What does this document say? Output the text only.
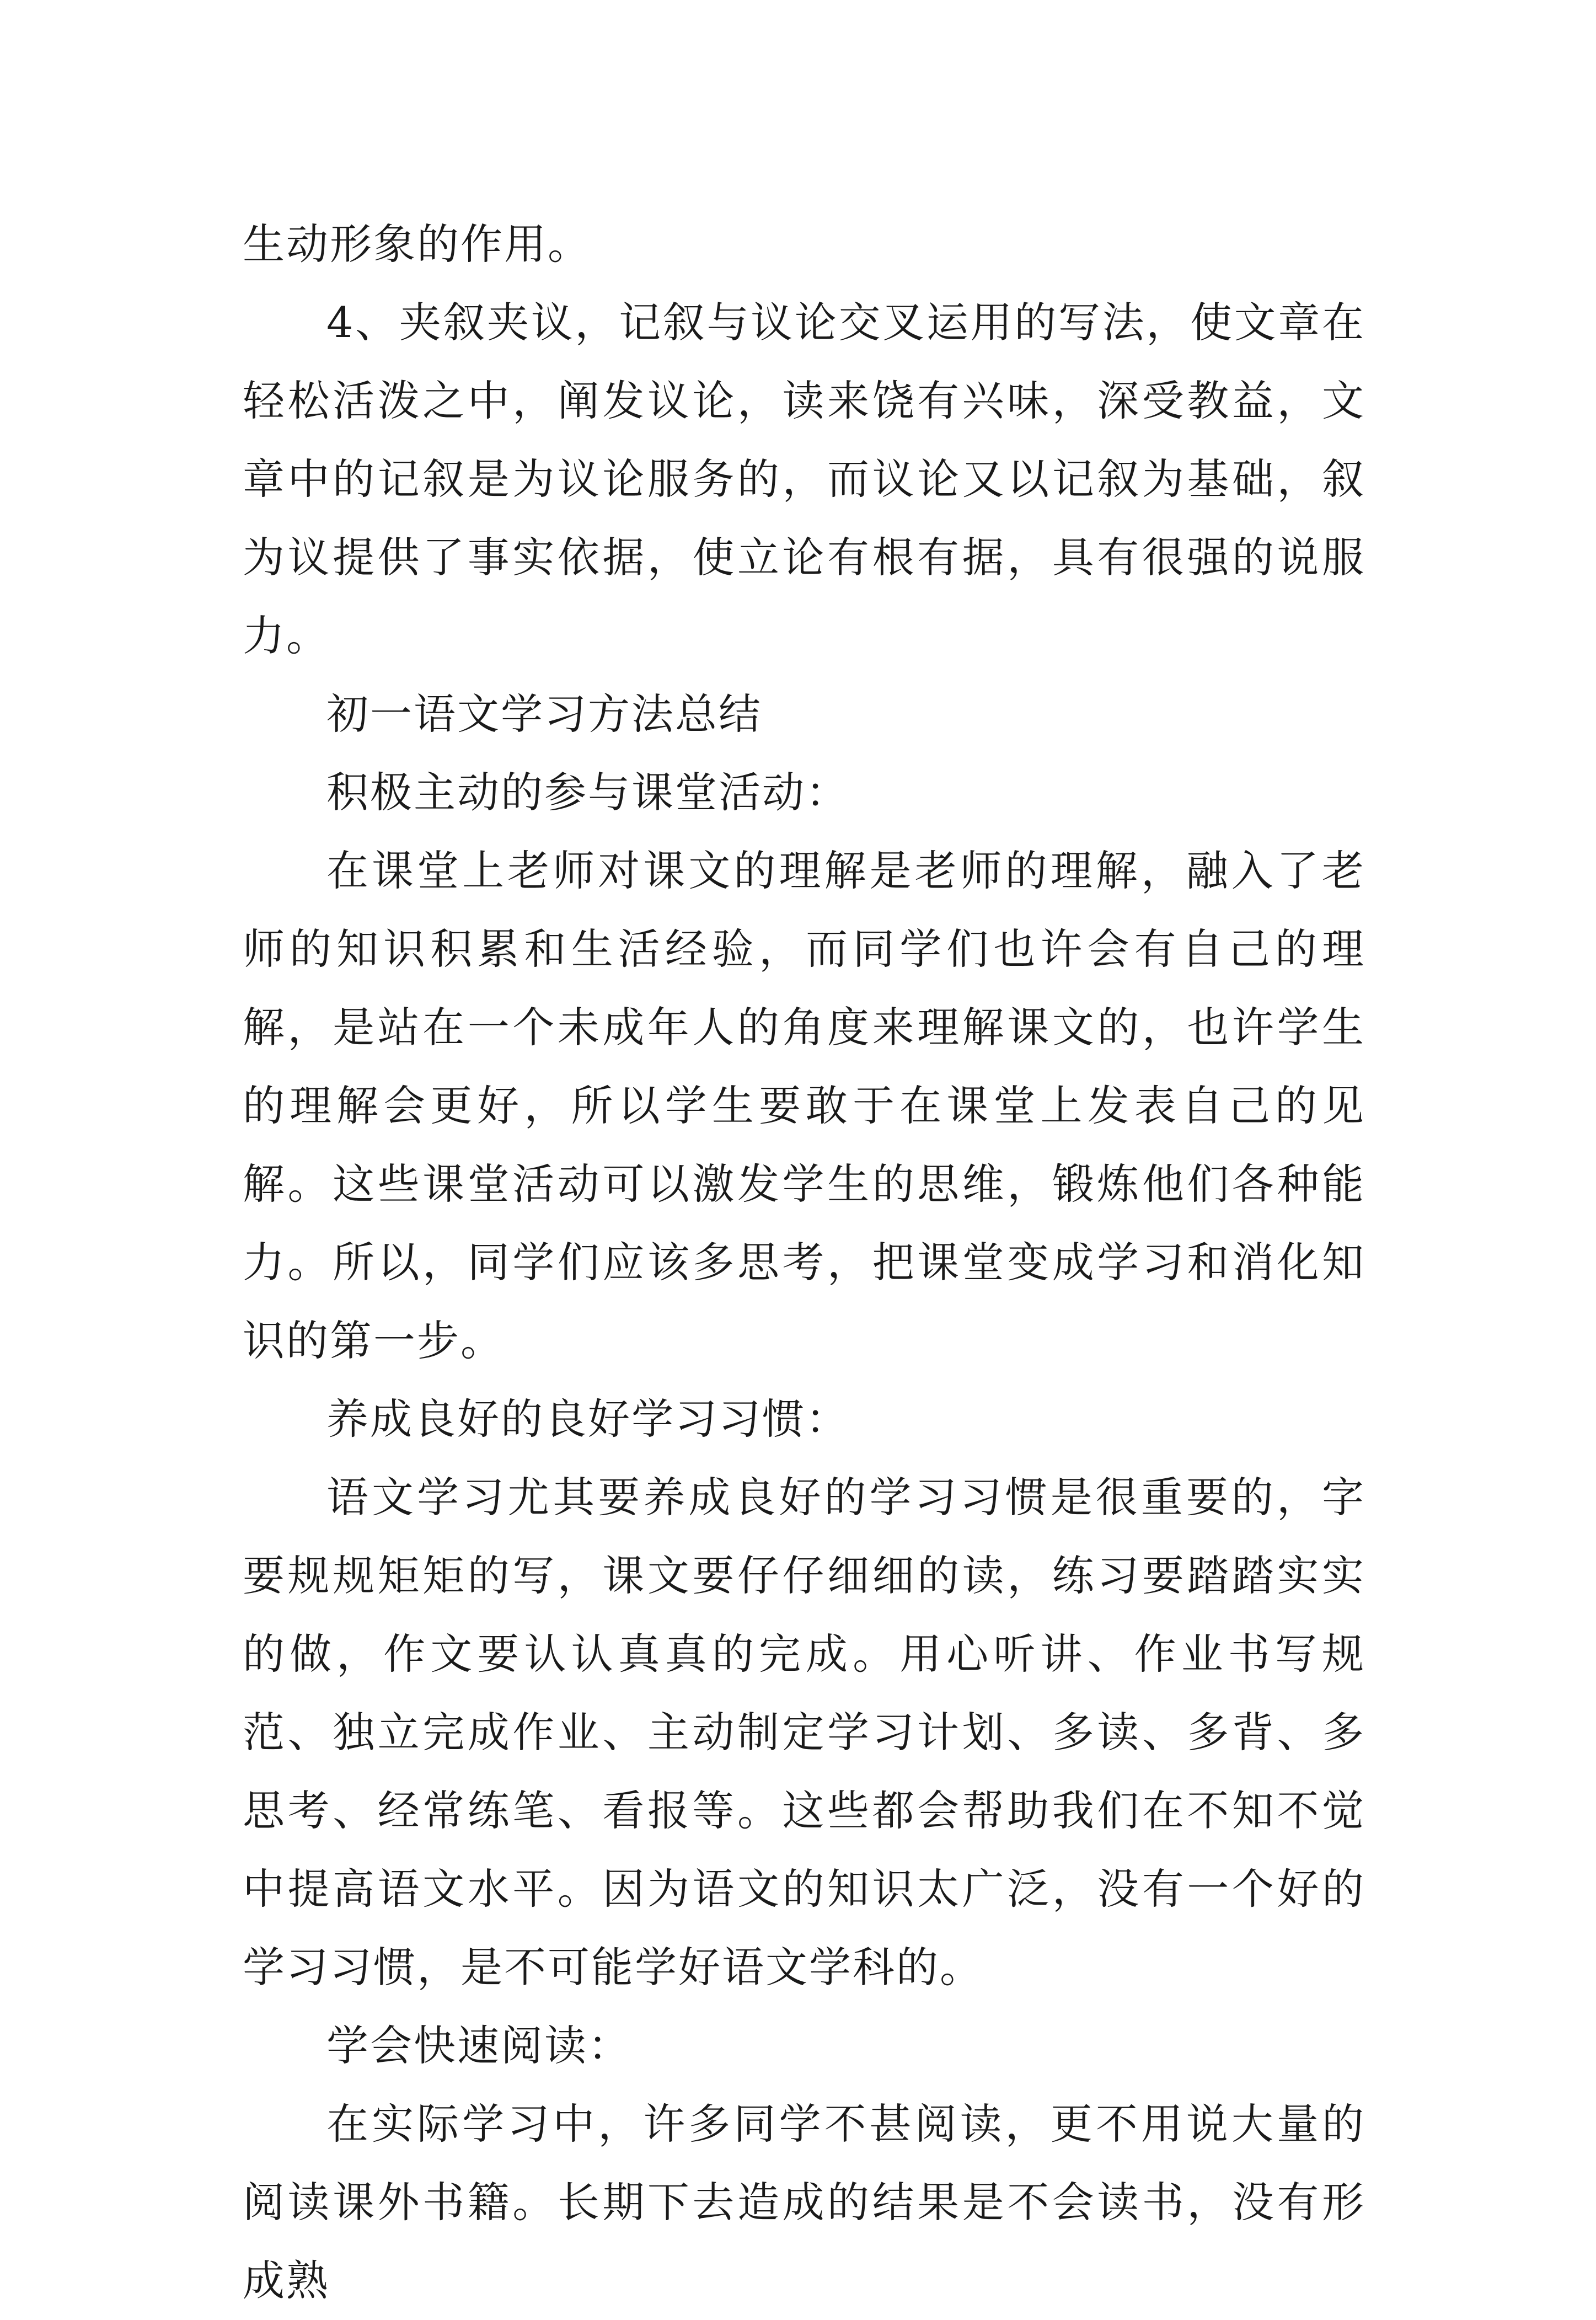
生动形象的作用。

4、夹叙夹议，记叙与议论交叉运用的写法，使文章在轻松活泼之中，阐发议论，读来饶有兴味，深受教益，文章中的记叙是为议论服务的，而议论又以记叙为基础，叙为议提供了事实依据，使立论有根有据，具有很强的说服力。

初一语文学习方法总结

积极主动的参与课堂活动：

在课堂上老师对课文的理解是老师的理解，融入了老师的知识积累和生活经验，而同学们也许会有自己的理解，是站在一个未成年人的角度来理解课文的，也许学生的理解会更好，所以学生要敢于在课堂上发表自己的见解。这些课堂活动可以激发学生的思维，锻炼他们各种能力。所以，同学们应该多思考，把课堂变成学习和消化知识的第一步。

养成良好的良好学习习惯：

语文学习尤其要养成良好的学习习惯是很重要的，字要规规矩矩的写，课文要仔仔细细的读，练习要踏踏实实的做，作文要认认真真的完成。用心听讲、作业书写规范、独立完成作业、主动制定学习计划、多读、多背、多思考、经常练笔、看报等。这些都会帮助我们在不知不觉中提高语文水平。因为语文的知识太广泛，没有一个好的学习习惯，是不可能学好语文学科的。

学会快速阅读：

在实际学习中，许多同学不甚阅读，更不用说大量的阅读课外书籍。长期下去造成的结果是不会读书，没有形成熟
